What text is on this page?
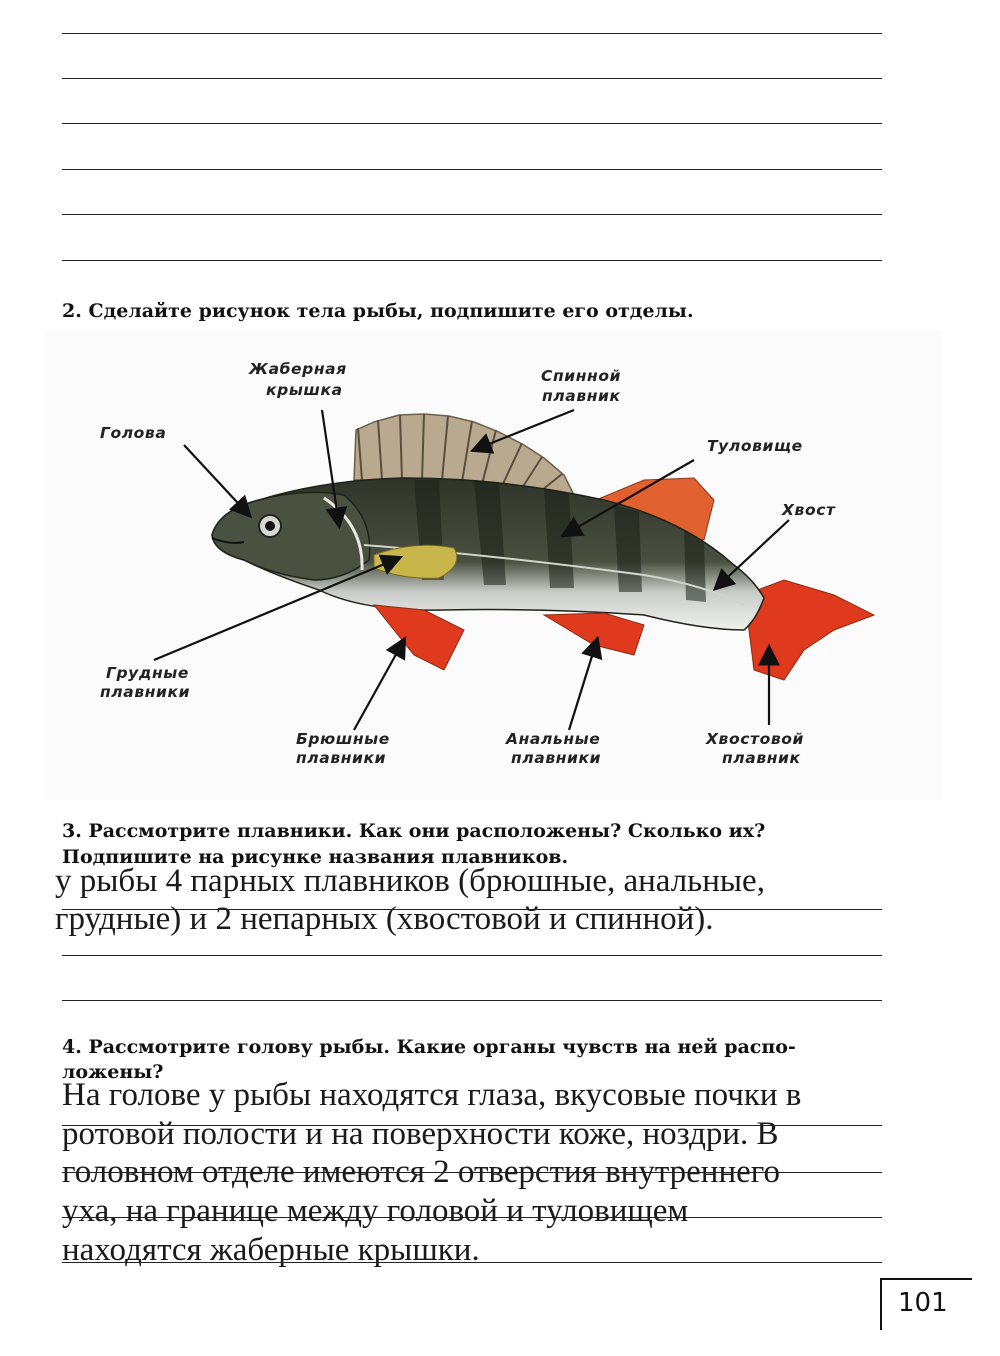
2. Сделайте рисунок тела рыбы, подпишите его отделы.
Жаберная
крышка
Спинной
плавник
Голова
Туловище
Хвост
Грудные
плавники
Брюшные
плавники
Анальные
плавники
Хвостовой
плавник
3. Рассмотрите плавники. Как они расположены? Сколько их?
Подпишите на рисунке названия плавников.
у рыбы 4 парных плавников (брюшные, анальные,
грудные) и 2 непарных (хвостовой и спинной).
4. Рассмотрите голову рыбы. Какие органы чувств на ней распо-
ложены?
На голове у рыбы находятся глаза, вкусовые почки в
ротовой полости и на поверхности коже, ноздри. В
головном отделе имеются 2 отверстия внутреннего
уха, на границе между головой и туловищем
находятся жаберные крышки.
101
